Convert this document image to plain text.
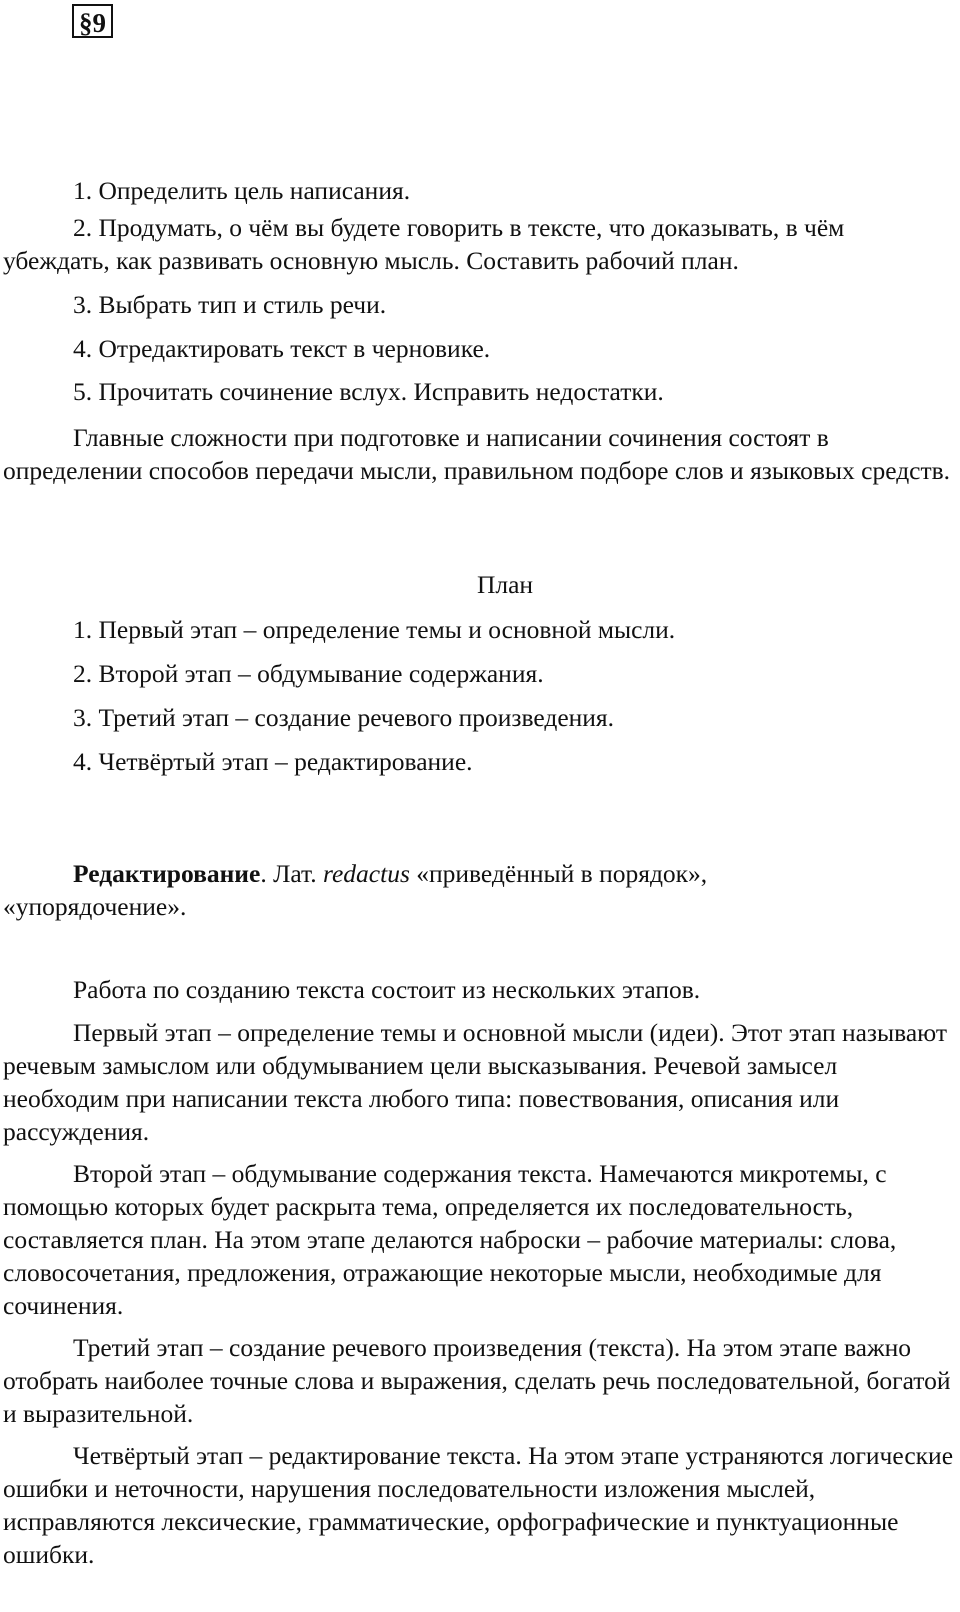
§9

1. Определить цель написания.

2. Продумать, о чём вы будете говорить в тексте, что доказывать, в чём убеждать, как развивать основную мысль. Составить рабочий план.

3. Выбрать тип и стиль речи.

4. Отредактировать текст в черновике.

5. Прочитать сочинение вслух. Исправить недостатки.

Главные сложности при подготовке и написании сочинения состоят в определении способов передачи мысли, правильном подборе слов и языковых средств.

План

1. Первый этап – определение темы и основной мысли.

2. Второй этап – обдумывание содержания.

3. Третий этап – создание речевого произведения.

4. Четвёртый этап – редактирование.

Редактирование. Лат. redactus «приведённый в порядок», «упорядочение».

Работа по созданию текста состоит из нескольких этапов.

Первый этап – определение темы и основной мысли (идеи). Этот этап называют речевым замыслом или обдумыванием цели высказывания. Речевой замысел необходим при написании текста любого типа: повествования, описания или рассуждения.

Второй этап – обдумывание содержания текста. Намечаются микротемы, с помощью которых будет раскрыта тема, определяется их последовательность, составляется план. На этом этапе делаются наброски – рабочие материалы: слова, словосочетания, предложения, отражающие некоторые мысли, необходимые для сочинения.

Третий этап – создание речевого произведения (текста). На этом этапе важно отобрать наиболее точные слова и выражения, сделать речь последовательной, богатой и выразительной.

Четвёртый этап – редактирование текста. На этом этапе устраняются логические ошибки и неточности, нарушения последовательности изложения мыслей, исправляются лексические, грамматические, орфографические и пунктуационные ошибки.
